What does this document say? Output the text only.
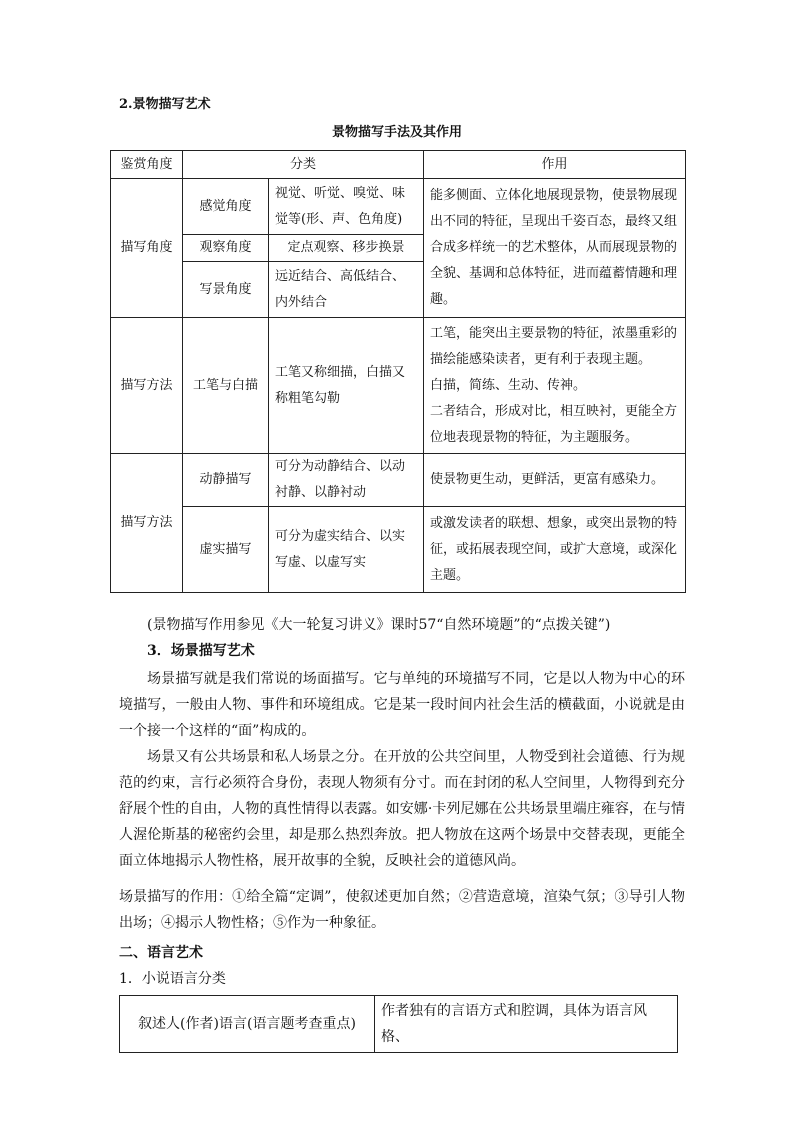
2.景物描写艺术
景物描写手法及其作用
鉴赏角度	分类		作用
描写角度	感觉角度	视觉、听觉、嗅觉、味觉等(形、声、色角度)	能多侧面、立体化地展现景物，使景物展现出不同的特征，呈现出千姿百态，最终又组合成多样统一的艺术整体，从而展现景物的全貌、基调和总体特征，进而蕴蓄情趣和理趣。
	观察角度	定点观察、移步换景	
	写景角度	远近结合、高低结合、内外结合	
描写方法	工笔与白描	工笔又称细描，白描又称粗笔勾勒	工笔，能突出主要景物的特征，浓墨重彩的描绘能感染读者，更有利于表现主题。
白描，简练、生动、传神。
二者结合，形成对比，相互映衬，更能全方位地表现景物的特征，为主题服务。

描写方法	动静描写	可分为动静结合、以动衬静、以静衬动	使景物更生动，更鲜活，更富有感染力。
	虚实描写	可分为虚实结合、以实写虚、以虚写实	或激发读者的联想、想象，或突出景物的特征，或拓展表现空间，或扩大意境，或深化主题。
(景物描写作用参见《大一轮复习讲义》课时57“自然环境题”的“点拨关键”)
3．场景描写艺术
场景描写就是我们常说的场面描写。它与单纯的环境描写不同，它是以人物为中心的环境描写，一般由人物、事件和环境组成。它是某一段时间内社会生活的横截面，小说就是由一个接一个这样的“面”构成的。
场景又有公共场景和私人场景之分。在开放的公共空间里，人物受到社会道德、行为规范的约束，言行必须符合身份，表现人物须有分寸。而在封闭的私人空间里，人物得到充分舒展个性的自由，人物的真性情得以表露。如安娜·卡列尼娜在公共场景里端庄雍容，在与情人渥伦斯基的秘密约会里，却是那么热烈奔放。把人物放在这两个场景中交替表现，更能全面立体地揭示人物性格，展开故事的全貌，反映社会的道德风尚。
场景描写的作用：①给全篇“定调”，使叙述更加自然；②营造意境，渲染气氛；③导引人物出场；④揭示人物性格；⑤作为一种象征。
二、语言艺术
1．小说语言分类
叙述人(作者)语言(语言题考查重点)	作者独有的言语方式和腔调，具体为语言风格、
